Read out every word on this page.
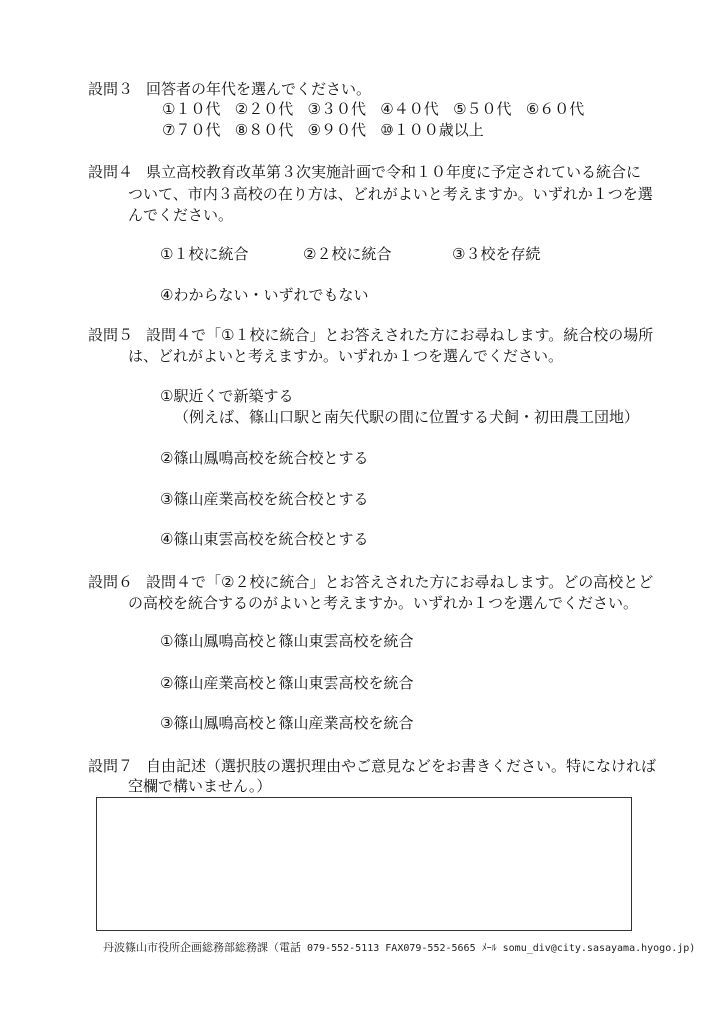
設問３ 回答者の年代を選んでください。
①１０代 ②２０代 ③３０代 ④４０代 ⑤５０代 ⑥６０代
⑦７０代 ⑧８０代 ⑨９０代 ⑩１００歳以上
設問４ 県立高校教育改革第３次実施計画で令和１０年度に予定されている統合に
ついて、市内３高校の在り方は、どれがよいと考えますか。いずれか１つを選
んでください。
①１校に統合	②２校に統合	③３校を存続
④わからない・いずれでもない
設問５ 設問４で「①１校に統合」とお答えされた方にお尋ねします。統合校の場所
は、どれがよいと考えますか。いずれか１つを選んでください。
①駅近くで新築する
（例えば、篠山口駅と南矢代駅の間に位置する犬飼・初田農工団地）
②篠山鳳鳴高校を統合校とする
③篠山産業高校を統合校とする
④篠山東雲高校を統合校とする
設問６ 設問４で「②２校に統合」とお答えされた方にお尋ねします。どの高校とど
の高校を統合するのがよいと考えますか。いずれか１つを選んでください。
①篠山鳳鳴高校と篠山東雲高校を統合
②篠山産業高校と篠山東雲高校を統合
③篠山鳳鳴高校と篠山産業高校を統合
設問７ 自由記述（選択肢の選択理由やご意見などをお書きください。特になければ
空欄で構いません。）
丹波篠山市役所企画総務部総務課（電話 079-552-5113 FAX079-552-5665 ﾒｰﾙ somu_div@city.sasayama.hyogo.jp)
